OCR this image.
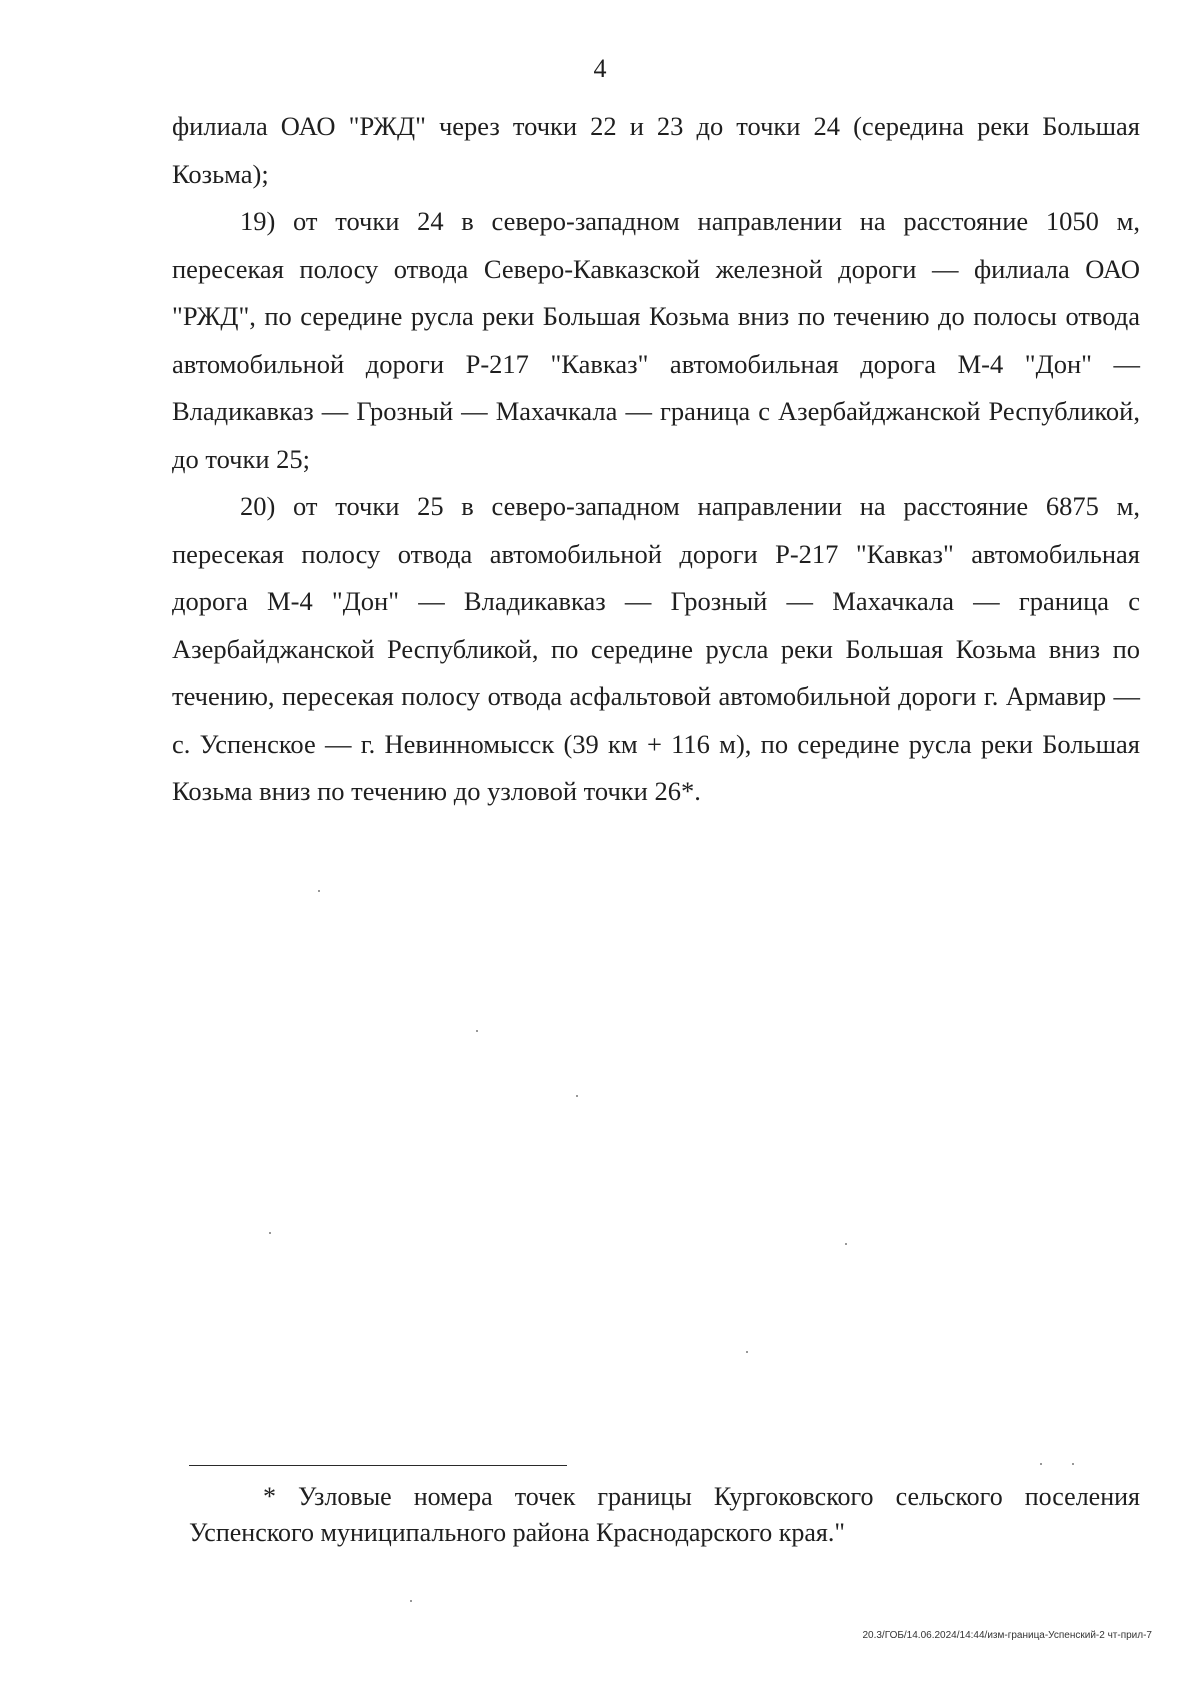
4

филиала ОАО "РЖД" через точки 22 и 23 до точки 24 (середина реки Большая Козьма);

19) от точки 24 в северо-западном направлении на расстояние 1050 м, пересекая полосу отвода Северо-Кавказской железной дороги — филиала ОАО "РЖД", по середине русла реки Большая Козьма вниз по течению до полосы отвода автомобильной дороги Р-217 "Кавказ" автомобильная дорога М-4 "Дон" — Владикавказ — Грозный — Махачкала — граница с Азербайджанской Республикой, до точки 25;

20) от точки 25 в северо-западном направлении на расстояние 6875 м, пересекая полосу отвода автомобильной дороги Р-217 "Кавказ" автомобильная дорога М-4 "Дон" — Владикавказ — Грозный — Махачкала — граница с Азербайджанской Республикой, по середине русла реки Большая Козьма вниз по течению, пересекая полосу отвода асфальтовой автомобильной дороги г. Армавир — с. Успенское — г. Невинномысск (39 км + 116 м), по середине русла реки Большая Козьма вниз по течению до узловой точки 26*.

* Узловые номера точек границы Кургоковского сельского поселения Успенского муниципального района Краснодарского края."

20.3/ГОБ/14.06.2024/14:44/изм-граница-Успенский-2 чт-прил-7
